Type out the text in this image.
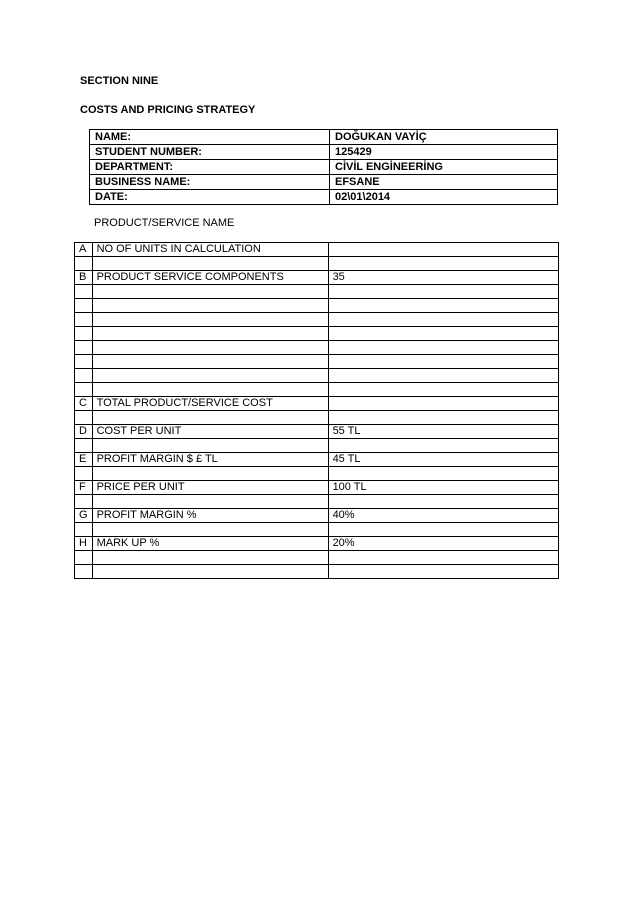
SECTION NINE
COSTS AND PRICING STRATEGY
NAME:	DOĞUKAN VAYİÇ
STUDENT NUMBER:	125429
DEPARTMENT:	CİVİL ENGİNEERİNG
BUSINESS NAME:	EFSANE
DATE:	02\01\2014
PRODUCT/SERVICE NAME
A	NO OF UNITS IN CALCULATION	

B	PRODUCT SERVICE COMPONENTS	35

C	TOTAL PRODUCT/SERVICE COST	

D	COST PER UNIT	55 TL

E	PROFIT MARGIN $ £ TL	45 TL

F	PRICE PER UNIT	100 TL

G	PROFIT MARGIN %	40%

H	MARK UP %	20%
